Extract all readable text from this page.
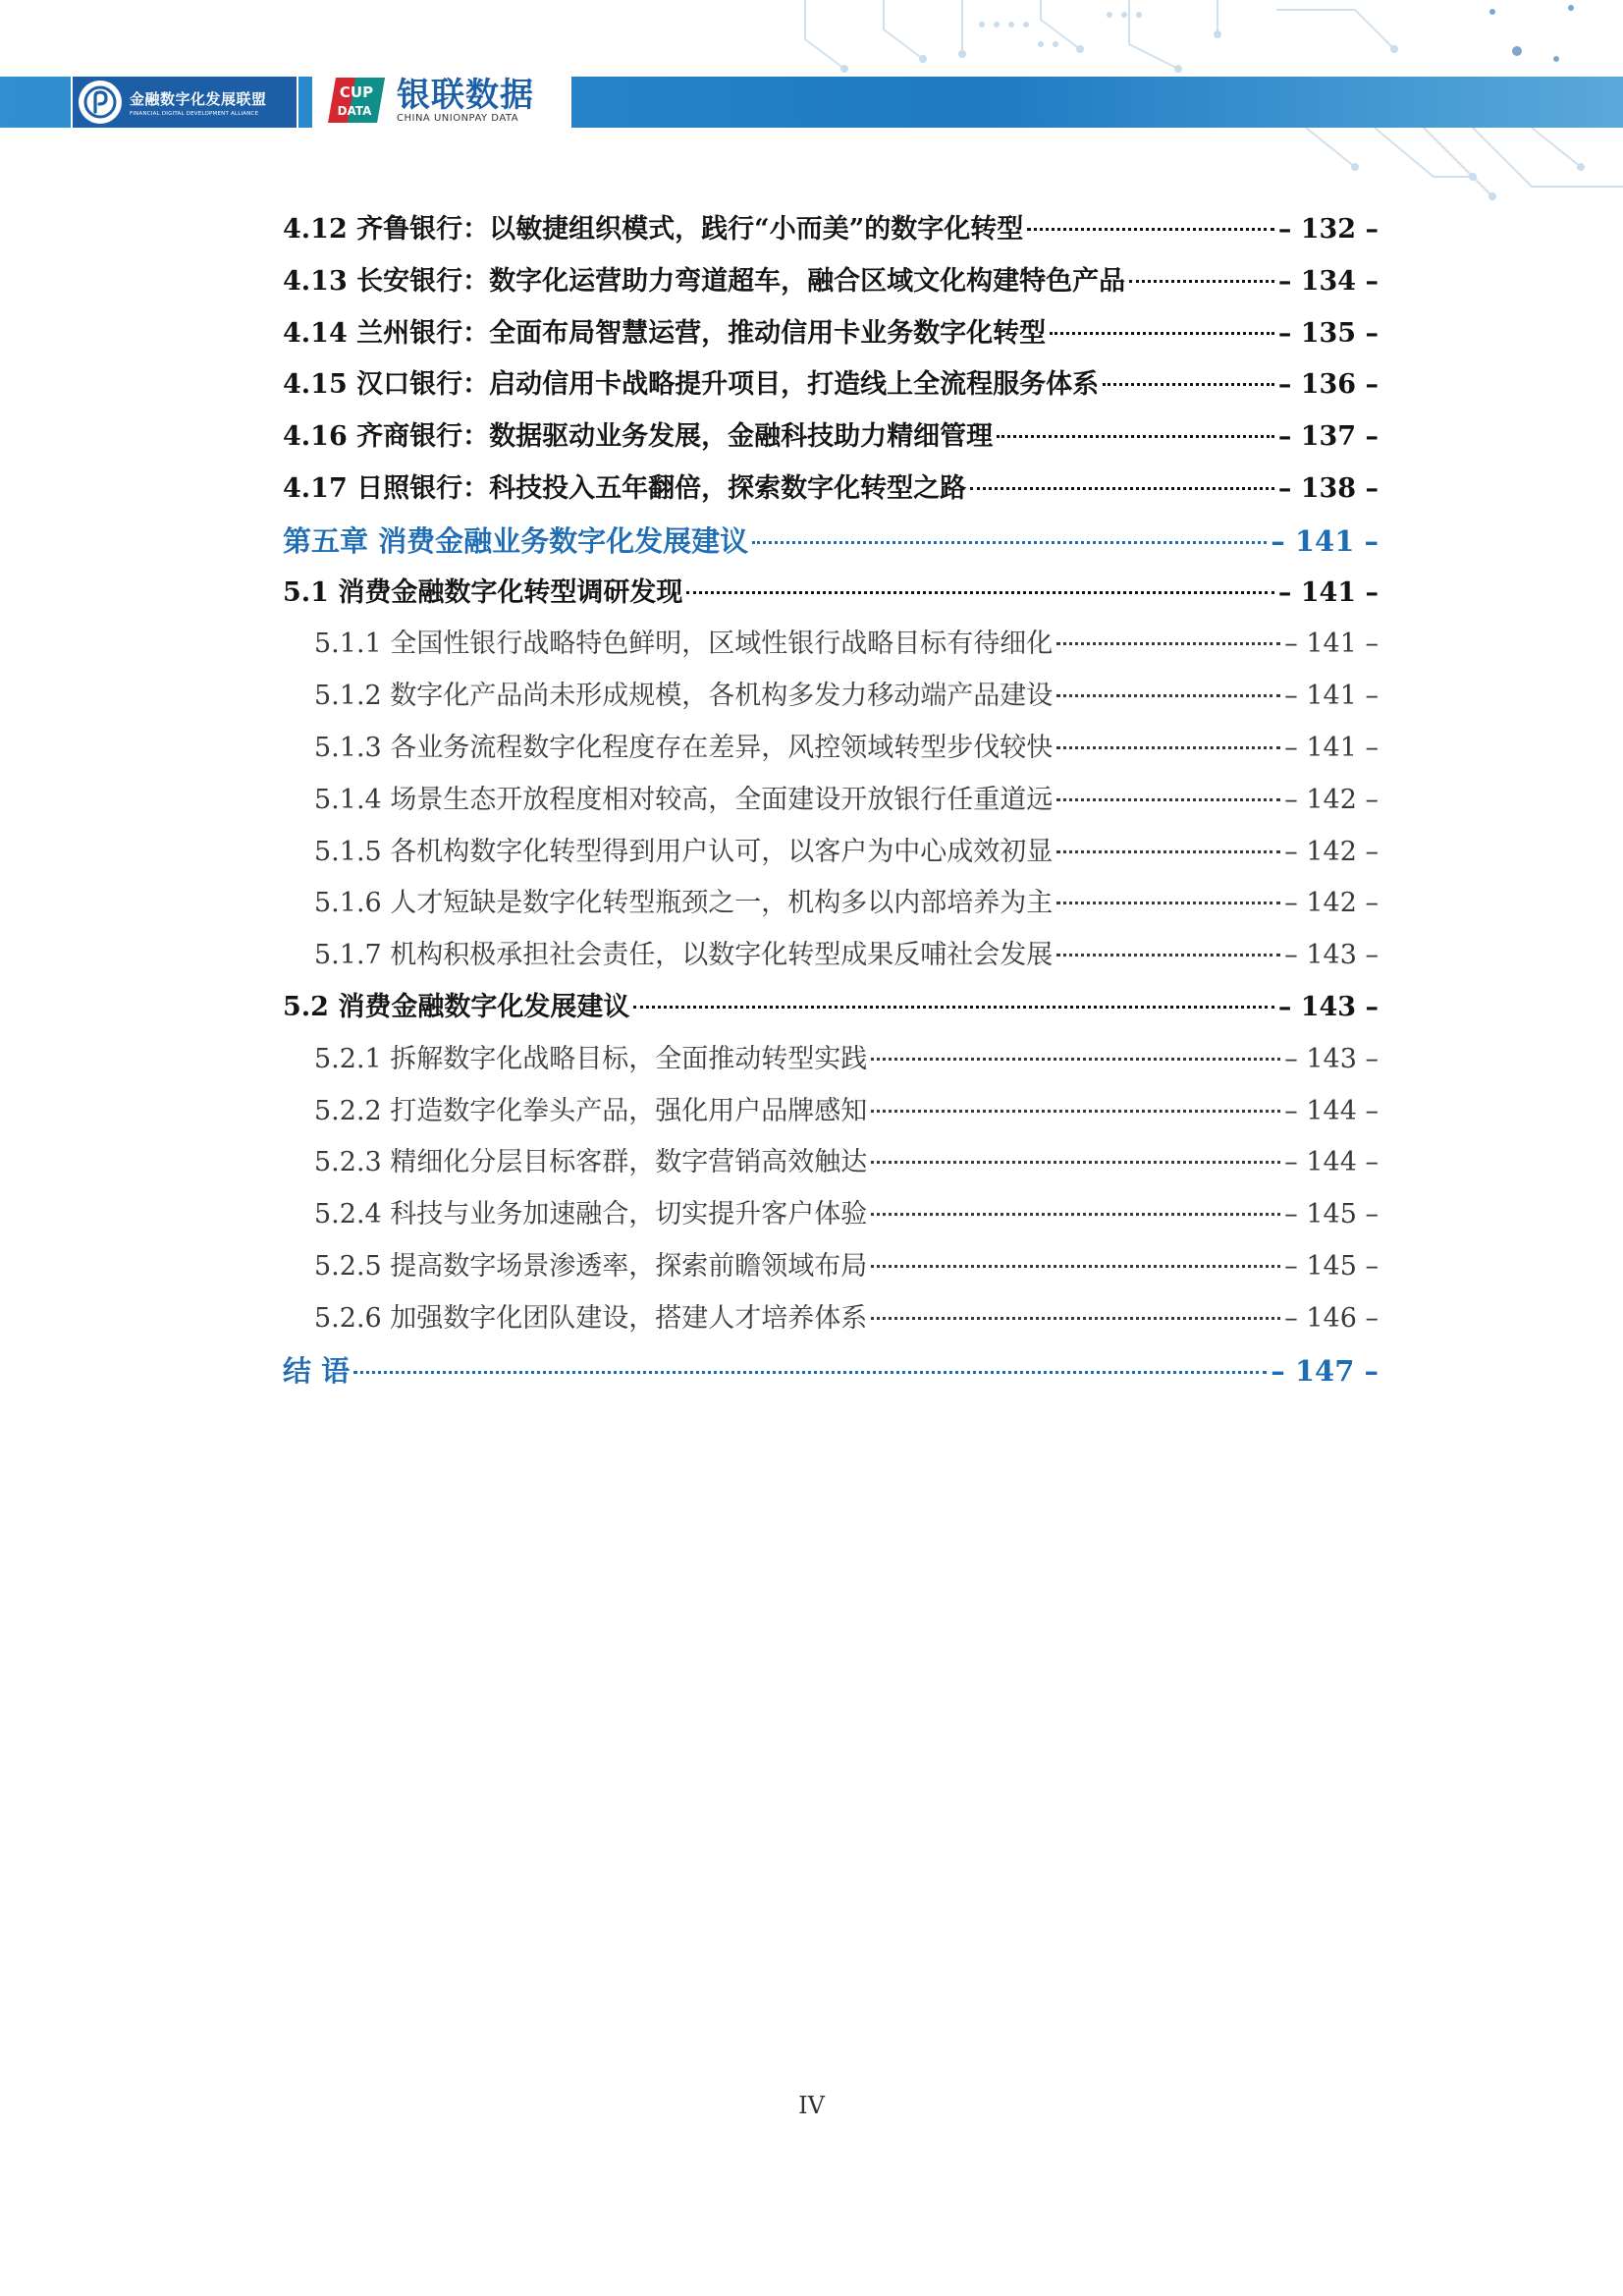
金融数字化发展联盟
FINANCIAL DIGITAL DEVELOPMENT ALLIANCE
CUP
DATA 银联数据
CHINA UNIONPAY DATA
4.12 齐鲁银行：以敏捷组织模式，践行“小而美”的数字化转型	– 132 –
4.13 长安银行：数字化运营助力弯道超车，融合区域文化构建特色产品	– 134 –
4.14 兰州银行：全面布局智慧运营，推动信用卡业务数字化转型	– 135 –
4.15 汉口银行：启动信用卡战略提升项目，打造线上全流程服务体系	– 136 –
4.16 齐商银行：数据驱动业务发展，金融科技助力精细管理	– 137 –
4.17 日照银行：科技投入五年翻倍，探索数字化转型之路	– 138 –
第五章 消费金融业务数字化发展建议	– 141 –
5.1 消费金融数字化转型调研发现	– 141 –
5.1.1 全国性银行战略特色鲜明，区域性银行战略目标有待细化	– 141 –
5.1.2 数字化产品尚未形成规模，各机构多发力移动端产品建设	– 141 –
5.1.3 各业务流程数字化程度存在差异，风控领域转型步伐较快	– 141 –
5.1.4 场景生态开放程度相对较高，全面建设开放银行任重道远	– 142 –
5.1.5 各机构数字化转型得到用户认可，以客户为中心成效初显	– 142 –
5.1.6 人才短缺是数字化转型瓶颈之一，机构多以内部培养为主	– 142 –
5.1.7 机构积极承担社会责任，以数字化转型成果反哺社会发展	– 143 –
5.2 消费金融数字化发展建议	– 143 –
5.2.1 拆解数字化战略目标，全面推动转型实践	– 143 –
5.2.2 打造数字化拳头产品，强化用户品牌感知	– 144 –
5.2.3 精细化分层目标客群，数字营销高效触达	– 144 –
5.2.4 科技与业务加速融合，切实提升客户体验	– 145 –
5.2.5 提高数字场景渗透率，探索前瞻领域布局	– 145 –
5.2.6 加强数字化团队建设，搭建人才培养体系	– 146 –
结 语	– 147 –
IV
